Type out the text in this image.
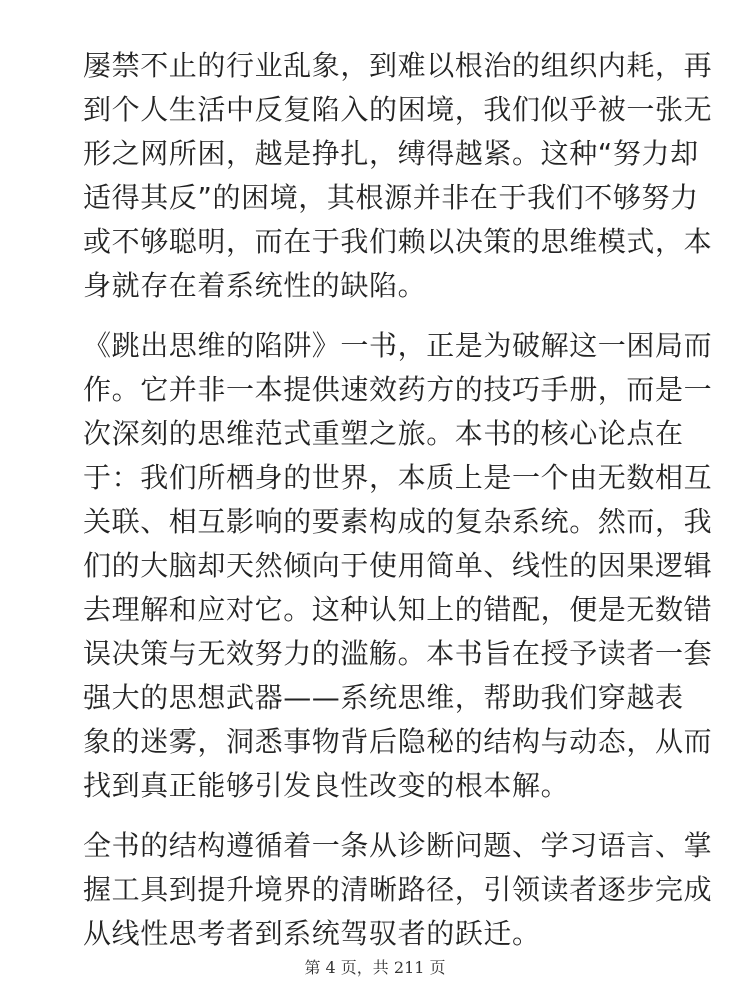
屡禁不止的行业乱象，到难以根治的组织内耗，再
到个人生活中反复陷入的困境，我们似乎被一张无
形之网所困，越是挣扎，缚得越紧。这种“努力却
适得其反”的困境，其根源并非在于我们不够努力
或不够聪明，而在于我们赖以决策的思维模式，本
身就存在着系统性的缺陷。

《跳出思维的陷阱》一书，正是为破解这一困局而
作。它并非一本提供速效药方的技巧手册，而是一
次深刻的思维范式重塑之旅。本书的核心论点在
于：我们所栖身的世界，本质上是一个由无数相互
关联、相互影响的要素构成的复杂系统。然而，我
们的大脑却天然倾向于使用简单、线性的因果逻辑
去理解和应对它。这种认知上的错配，便是无数错
误决策与无效努力的滥觞。本书旨在授予读者一套
强大的思想武器——系统思维，帮助我们穿越表
象的迷雾，洞悉事物背后隐秘的结构与动态，从而
找到真正能够引发良性改变的根本解。

全书的结构遵循着一条从诊断问题、学习语言、掌
握工具到提升境界的清晰路径，引领读者逐步完成
从线性思考者到系统驾驭者的跃迁。

第 4 页，共 211 页
